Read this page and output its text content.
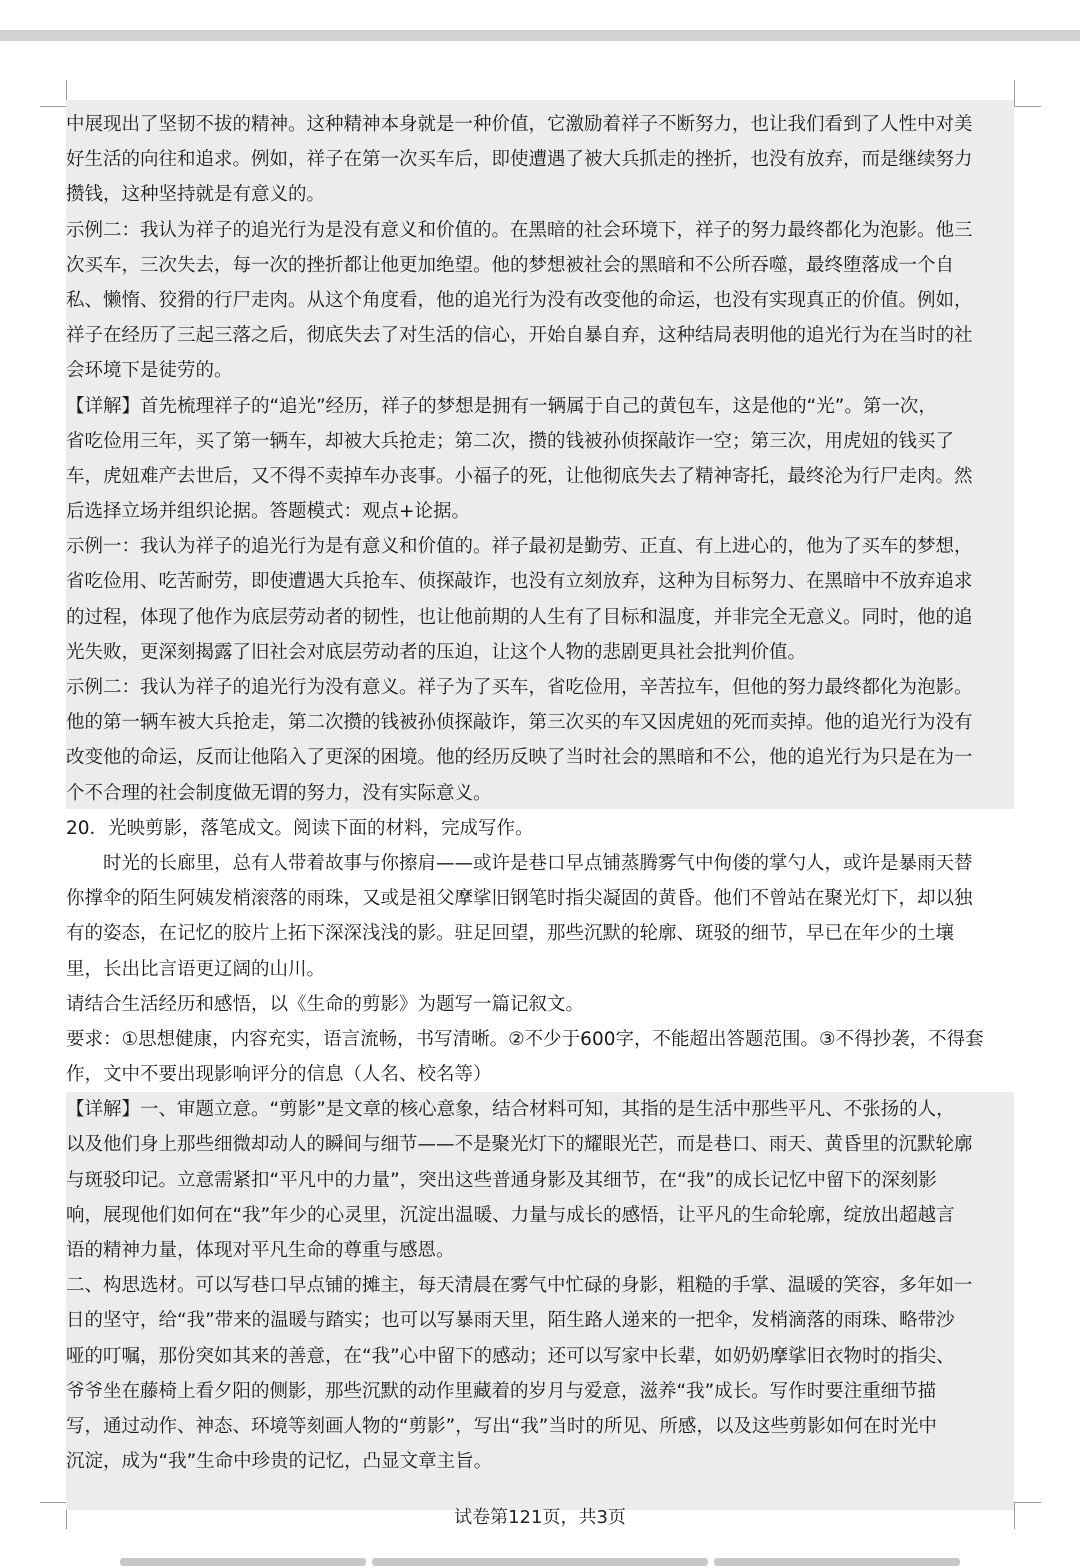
中展现出了坚韧不拔的精神。这种精神本身就是一种价值，它激励着祥子不断努力，也让我们看到了人性中对美
好生活的向往和追求。例如，祥子在第一次买车后，即使遭遇了被大兵抓走的挫折，也没有放弃，而是继续努力
攒钱，这种坚持就是有意义的。
示例二：我认为祥子的追光行为是没有意义和价值的。在黑暗的社会环境下，祥子的努力最终都化为泡影。他三
次买车，三次失去，每一次的挫折都让他更加绝望。他的梦想被社会的黑暗和不公所吞噬，最终堕落成一个自
私、懒惰、狡猾的行尸走肉。从这个角度看，他的追光行为没有改变他的命运，也没有实现真正的价值。例如，
祥子在经历了三起三落之后，彻底失去了对生活的信心，开始自暴自弃，这种结局表明他的追光行为在当时的社
会环境下是徒劳的。
【详解】首先梳理祥子的“追光”经历，祥子的梦想是拥有一辆属于自己的黄包车，这是他的“光”。第一次，
省吃俭用三年，买了第一辆车，却被大兵抢走；第二次，攒的钱被孙侦探敲诈一空；第三次，用虎妞的钱买了
车，虎妞难产去世后，又不得不卖掉车办丧事。小福子的死，让他彻底失去了精神寄托，最终沦为行尸走肉。然
后选择立场并组织论据。答题模式：观点+论据。
示例一：我认为祥子的追光行为是有意义和价值的。祥子最初是勤劳、正直、有上进心的，他为了买车的梦想，
省吃俭用、吃苦耐劳，即使遭遇大兵抢车、侦探敲诈，也没有立刻放弃，这种为目标努力、在黑暗中不放弃追求
的过程，体现了他作为底层劳动者的韧性，也让他前期的人生有了目标和温度，并非完全无意义。同时，他的追
光失败，更深刻揭露了旧社会对底层劳动者的压迫，让这个人物的悲剧更具社会批判价值。
示例二：我认为祥子的追光行为没有意义。祥子为了买车，省吃俭用，辛苦拉车，但他的努力最终都化为泡影。
他的第一辆车被大兵抢走，第二次攒的钱被孙侦探敲诈，第三次买的车又因虎妞的死而卖掉。他的追光行为没有
改变他的命运，反而让他陷入了更深的困境。他的经历反映了当时社会的黑暗和不公，他的追光行为只是在为一
个不合理的社会制度做无谓的努力，没有实际意义。
20．光映剪影，落笔成文。阅读下面的材料，完成写作。
　　时光的长廊里，总有人带着故事与你擦肩——或许是巷口早点铺蒸腾雾气中佝偻的掌勺人，或许是暴雨天替
你撑伞的陌生阿姨发梢滚落的雨珠，又或是祖父摩挲旧钢笔时指尖凝固的黄昏。他们不曾站在聚光灯下，却以独
有的姿态，在记忆的胶片上拓下深深浅浅的影。驻足回望，那些沉默的轮廓、斑驳的细节，早已在年少的土壤
里，长出比言语更辽阔的山川。
请结合生活经历和感悟，以《生命的剪影》为题写一篇记叙文。
要求：①思想健康，内容充实，语言流畅，书写清晰。②不少于600字，不能超出答题范围。③不得抄袭，不得套
作，文中不要出现影响评分的信息（人名、校名等）
【详解】一、审题立意。“剪影”是文章的核心意象，结合材料可知，其指的是生活中那些平凡、不张扬的人，
以及他们身上那些细微却动人的瞬间与细节——不是聚光灯下的耀眼光芒，而是巷口、雨天、黄昏里的沉默轮廓
与斑驳印记。立意需紧扣“平凡中的力量”，突出这些普通身影及其细节，在“我”的成长记忆中留下的深刻影
响，展现他们如何在“我”年少的心灵里，沉淀出温暖、力量与成长的感悟，让平凡的生命轮廓，绽放出超越言
语的精神力量，体现对平凡生命的尊重与感恩。
二、构思选材。可以写巷口早点铺的摊主，每天清晨在雾气中忙碌的身影，粗糙的手掌、温暖的笑容，多年如一
日的坚守，给“我”带来的温暖与踏实；也可以写暴雨天里，陌生路人递来的一把伞，发梢滴落的雨珠、略带沙
哑的叮嘱，那份突如其来的善意，在“我”心中留下的感动；还可以写家中长辈，如奶奶摩挲旧衣物时的指尖、
爷爷坐在藤椅上看夕阳的侧影，那些沉默的动作里藏着的岁月与爱意，滋养“我”成长。写作时要注重细节描
写，通过动作、神态、环境等刻画人物的“剪影”，写出“我”当时的所见、所感，以及这些剪影如何在时光中
沉淀，成为“我”生命中珍贵的记忆，凸显文章主旨。
试卷第121页，共3页
